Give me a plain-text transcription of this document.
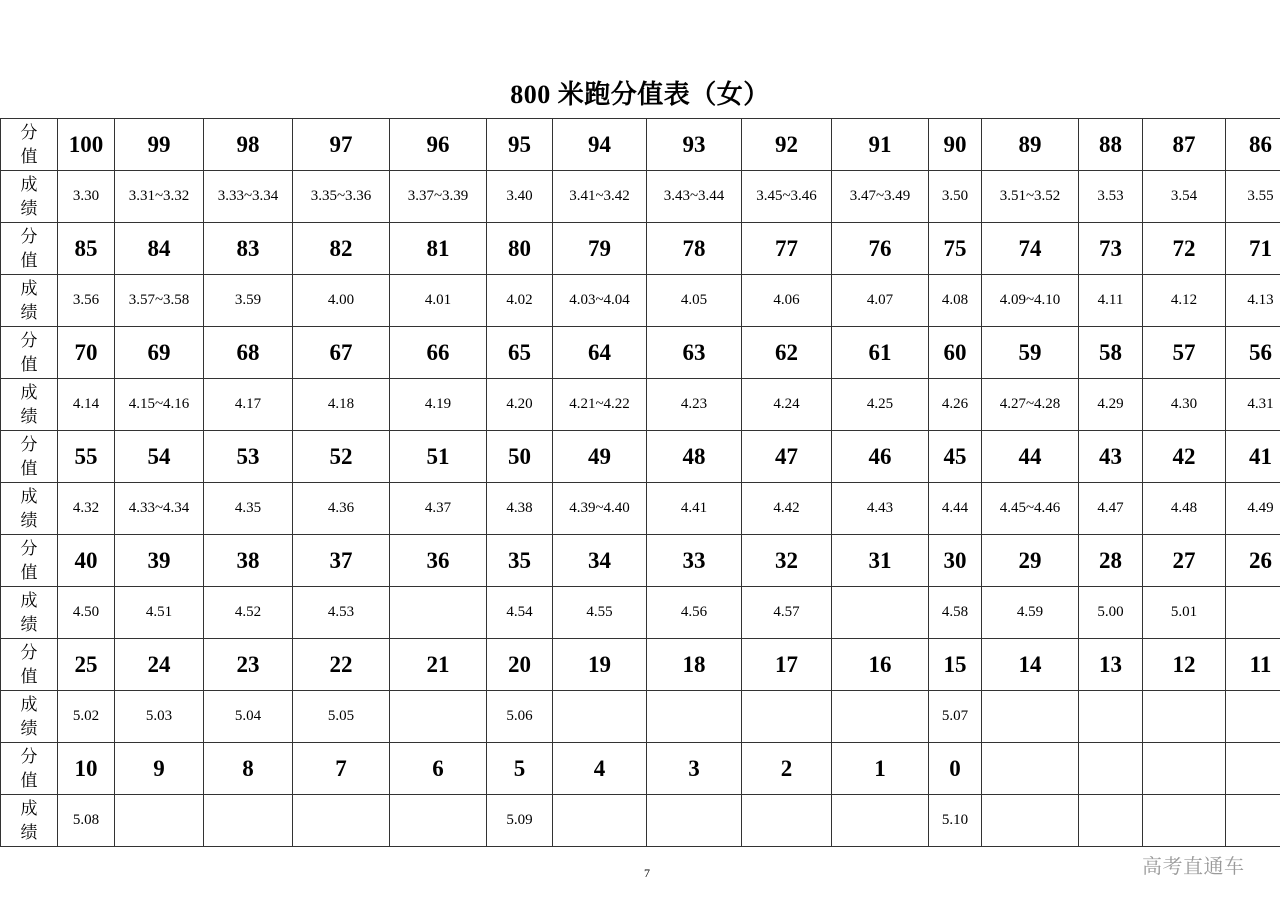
800 米跑分值表（女）
分
值	100	99	98	97	96	95	94	93	92	91	90	89	88	87	86
成
绩	3.30	3.31~3.32	3.33~3.34	3.35~3.36	3.37~3.39	3.40	3.41~3.42	3.43~3.44	3.45~3.46	3.47~3.49	3.50	3.51~3.52	3.53	3.54	3.55
分
值	85	84	83	82	81	80	79	78	77	76	75	74	73	72	71
成
绩	3.56	3.57~3.58	3.59	4.00	4.01	4.02	4.03~4.04	4.05	4.06	4.07	4.08	4.09~4.10	4.11	4.12	4.13
分
值	70	69	68	67	66	65	64	63	62	61	60	59	58	57	56
成
绩	4.14	4.15~4.16	4.17	4.18	4.19	4.20	4.21~4.22	4.23	4.24	4.25	4.26	4.27~4.28	4.29	4.30	4.31
分
值	55	54	53	52	51	50	49	48	47	46	45	44	43	42	41
成
绩	4.32	4.33~4.34	4.35	4.36	4.37	4.38	4.39~4.40	4.41	4.42	4.43	4.44	4.45~4.46	4.47	4.48	4.49
分
值	40	39	38	37	36	35	34	33	32	31	30	29	28	27	26
成
绩	4.50	4.51	4.52	4.53		4.54	4.55	4.56	4.57		4.58	4.59	5.00	5.01	
分
值	25	24	23	22	21	20	19	18	17	16	15	14	13	12	11
成
绩	5.02	5.03	5.04	5.05		5.06					5.07				
分
值	10	9	8	7	6	5	4	3	2	1	0				
成
绩	5.08					5.09					5.10				
7	高考直通车
